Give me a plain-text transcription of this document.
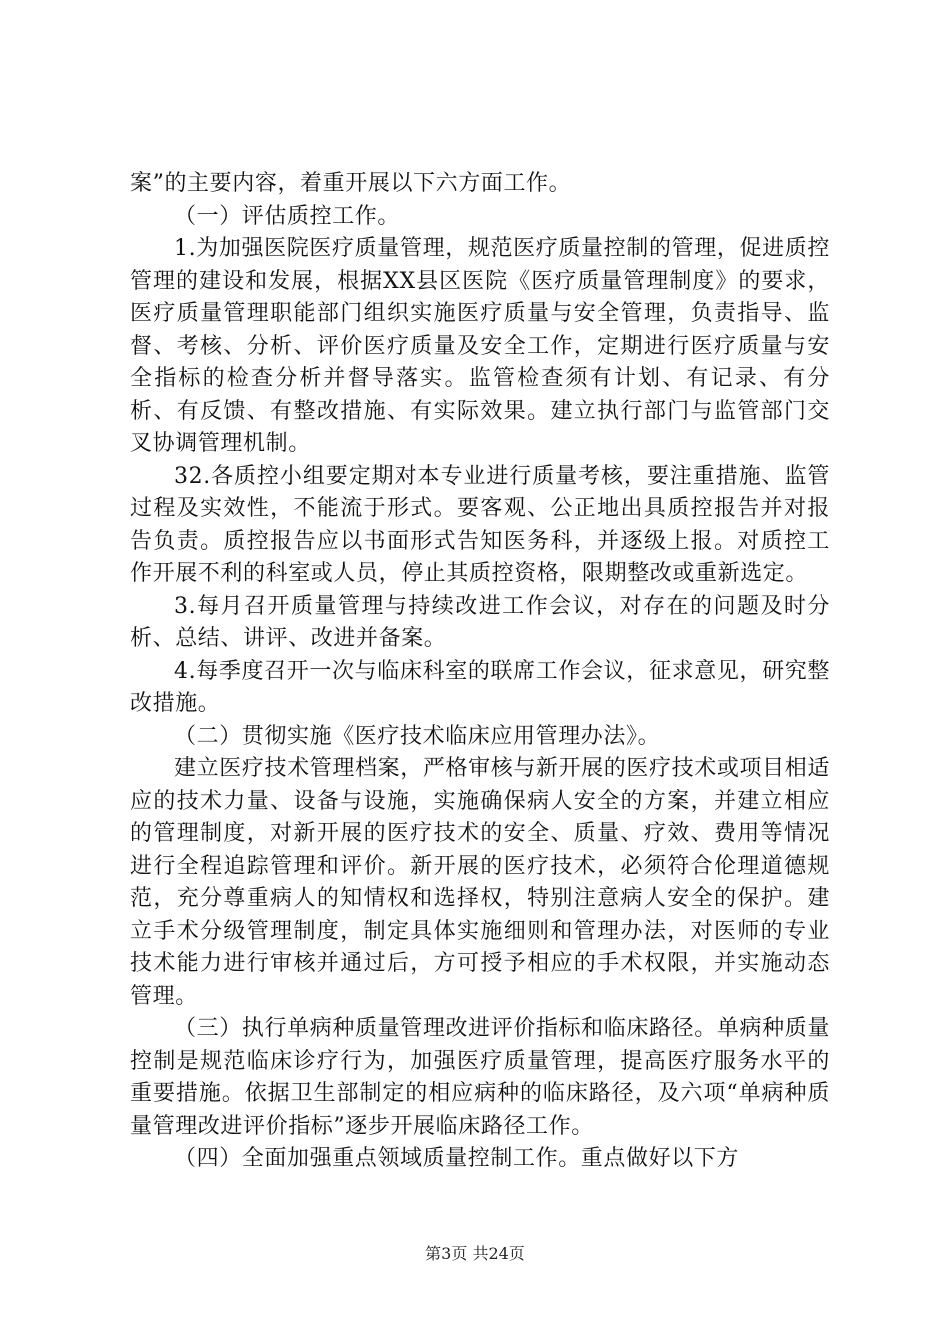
案”的主要内容，着重开展以下六方面工作。

（一）评估质控工作。

1.为加强医院医疗质量管理，规范医疗质量控制的管理，促进质控管理的建设和发展，根据XX县区医院《医疗质量管理制度》的要求，医疗质量管理职能部门组织实施医疗质量与安全管理，负责指导、监督、考核、分析、评价医疗质量及安全工作，定期进行医疗质量与安全指标的检查分析并督导落实。监管检查须有计划、有记录、有分析、有反馈、有整改措施、有实际效果。建立执行部门与监管部门交叉协调管理机制。

32.各质控小组要定期对本专业进行质量考核，要注重措施、监管过程及实效性，不能流于形式。要客观、公正地出具质控报告并对报告负责。质控报告应以书面形式告知医务科，并逐级上报。对质控工作开展不利的科室或人员，停止其质控资格，限期整改或重新选定。

3.每月召开质量管理与持续改进工作会议，对存在的问题及时分析、总结、讲评、改进并备案。

4.每季度召开一次与临床科室的联席工作会议，征求意见，研究整改措施。

（二）贯彻实施《医疗技术临床应用管理办法》。

建立医疗技术管理档案，严格审核与新开展的医疗技术或项目相适应的技术力量、设备与设施，实施确保病人安全的方案，并建立相应的管理制度，对新开展的医疗技术的安全、质量、疗效、费用等情况进行全程追踪管理和评价。新开展的医疗技术，必须符合伦理道德规范，充分尊重病人的知情权和选择权，特别注意病人安全的保护。建立手术分级管理制度，制定具体实施细则和管理办法，对医师的专业技术能力进行审核并通过后，方可授予相应的手术权限，并实施动态管理。

（三）执行单病种质量管理改进评价指标和临床路径。单病种质量控制是规范临床诊疗行为，加强医疗质量管理，提高医疗服务水平的重要措施。依据卫生部制定的相应病种的临床路径，及六项“单病种质量管理改进评价指标”逐步开展临床路径工作。

（四）全面加强重点领域质量控制工作。重点做好以下方

第3页 共24页
